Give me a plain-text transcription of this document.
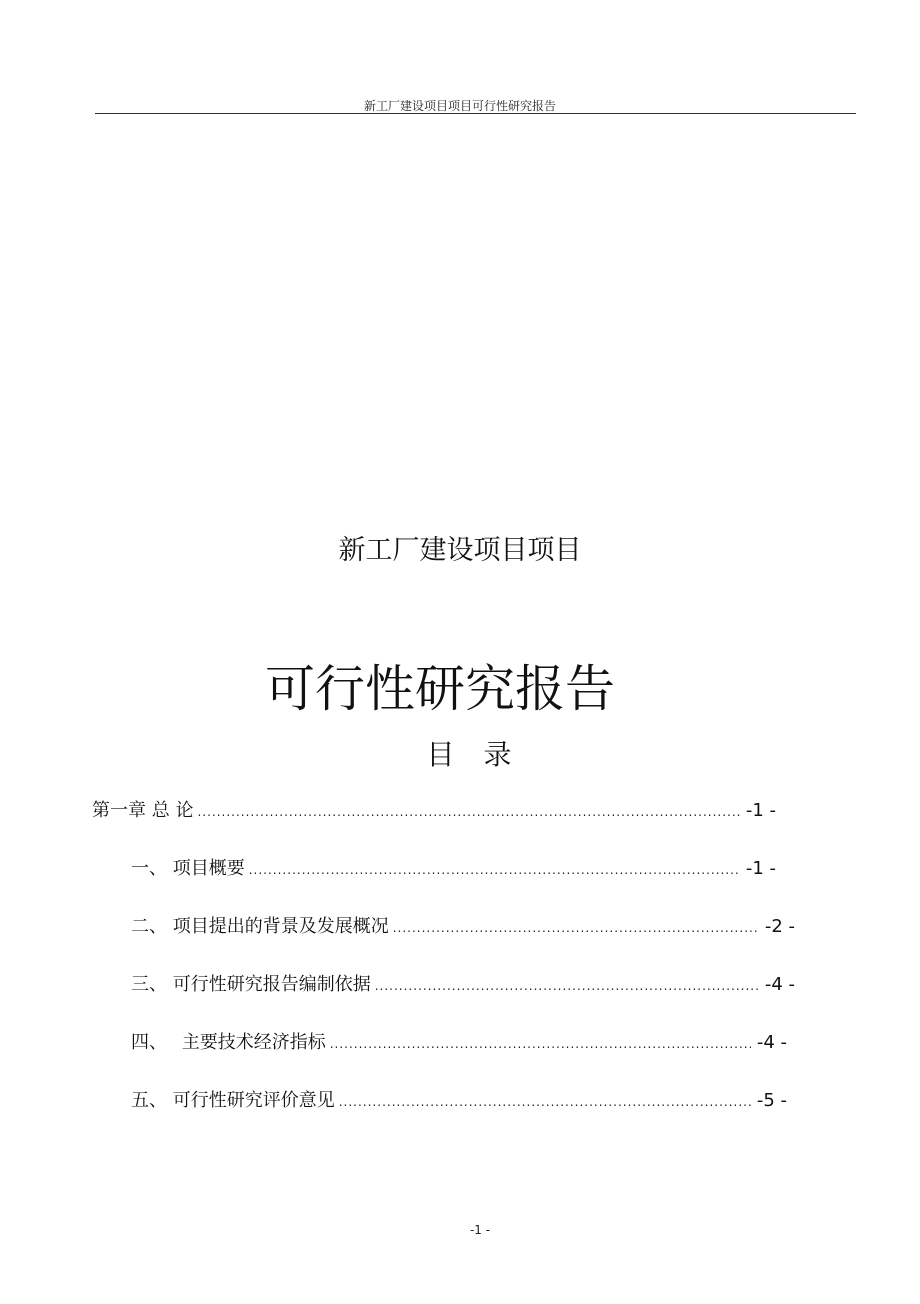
新工厂建设项目项目可行性研究报告
新工厂建设项目项目
可行性研究报告
目 录
第一章 总 论 .....	-1 -
一、 项目概要 .....	-1 -
二、 项目提出的背景及发展概况 .....	-2 -
三、 可行性研究报告编制依据 .....	-4 -
四、　 主要技术经济指标 .....	-4 -
五、 可行性研究评价意见 .....	-5 -
-1 -
